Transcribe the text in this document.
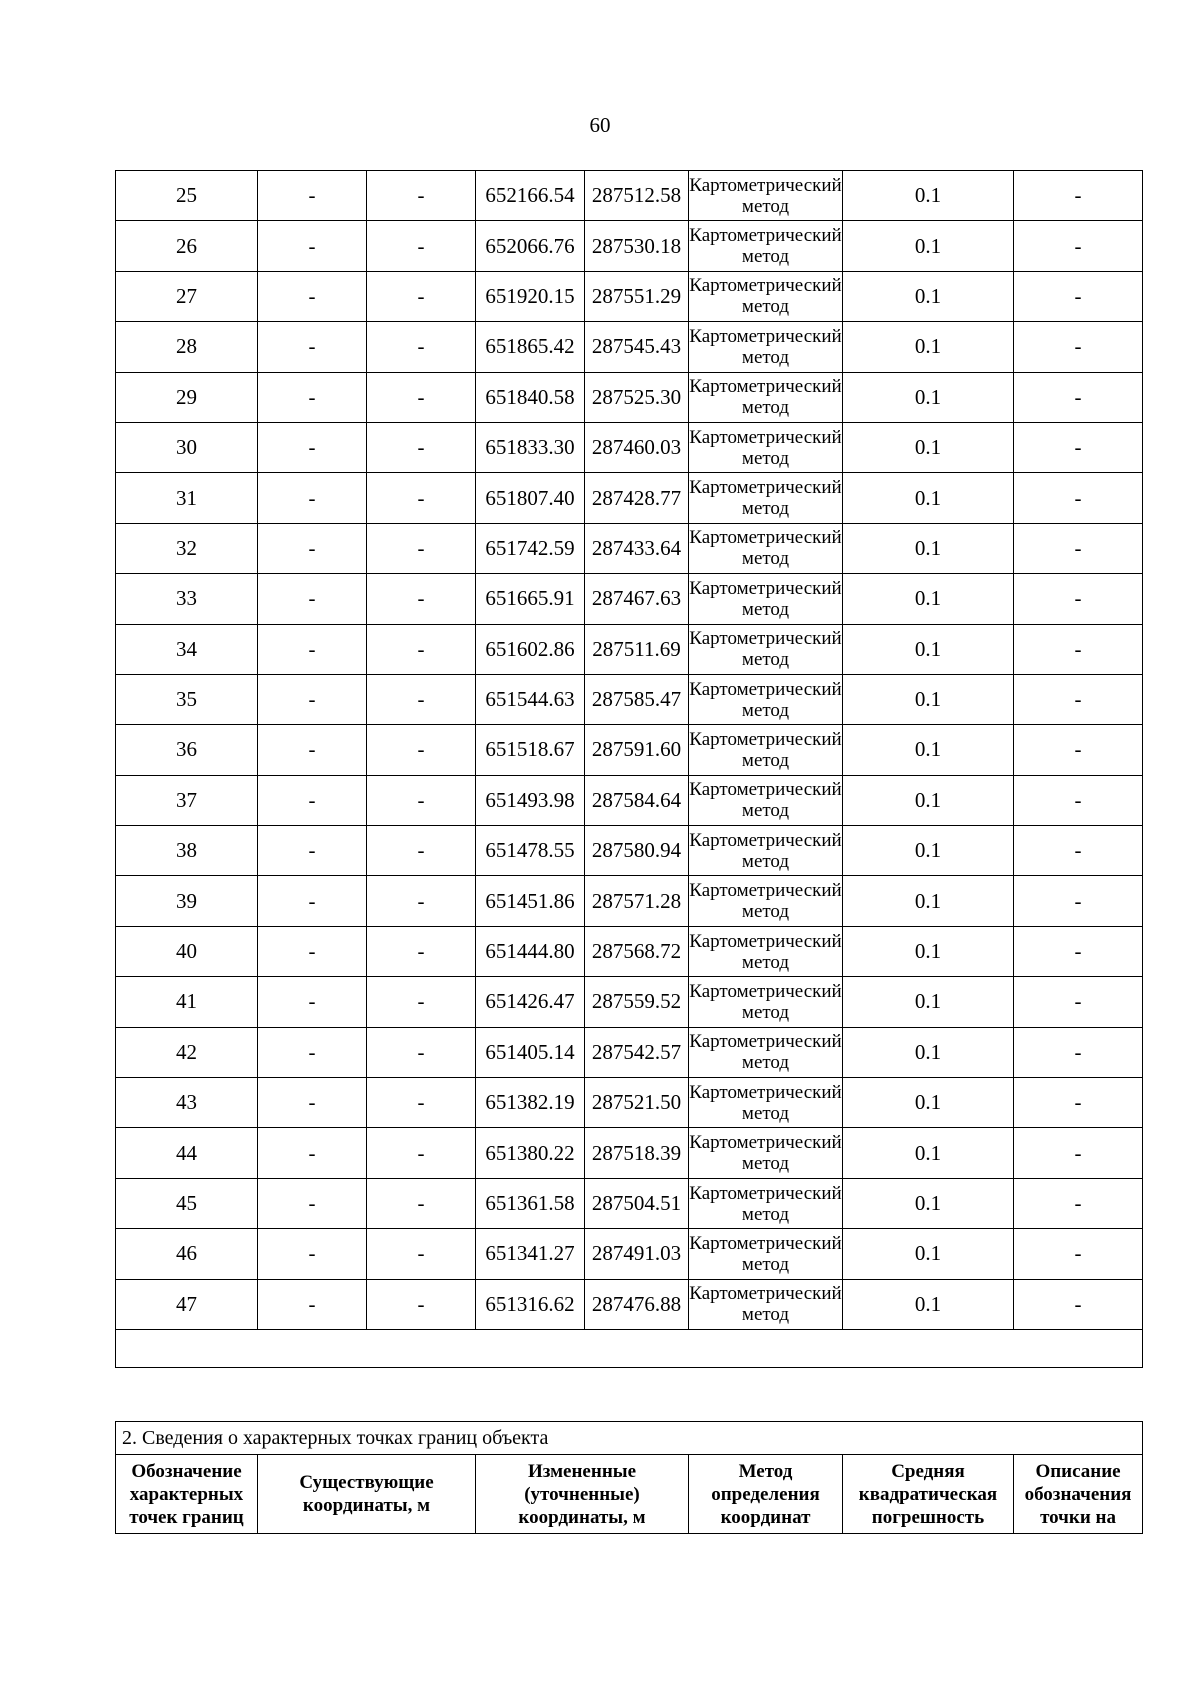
60
25	-	-	652166.54	287512.58	Картометрический метод	0.1	-
26	-	-	652066.76	287530.18	Картометрический метод	0.1	-
27	-	-	651920.15	287551.29	Картометрический метод	0.1	-
28	-	-	651865.42	287545.43	Картометрический метод	0.1	-
29	-	-	651840.58	287525.30	Картометрический метод	0.1	-
30	-	-	651833.30	287460.03	Картометрический метод	0.1	-
31	-	-	651807.40	287428.77	Картометрический метод	0.1	-
32	-	-	651742.59	287433.64	Картометрический метод	0.1	-
33	-	-	651665.91	287467.63	Картометрический метод	0.1	-
34	-	-	651602.86	287511.69	Картометрический метод	0.1	-
35	-	-	651544.63	287585.47	Картометрический метод	0.1	-
36	-	-	651518.67	287591.60	Картометрический метод	0.1	-
37	-	-	651493.98	287584.64	Картометрический метод	0.1	-
38	-	-	651478.55	287580.94	Картометрический метод	0.1	-
39	-	-	651451.86	287571.28	Картометрический метод	0.1	-
40	-	-	651444.80	287568.72	Картометрический метод	0.1	-
41	-	-	651426.47	287559.52	Картометрический метод	0.1	-
42	-	-	651405.14	287542.57	Картометрический метод	0.1	-
43	-	-	651382.19	287521.50	Картометрический метод	0.1	-
44	-	-	651380.22	287518.39	Картометрический метод	0.1	-
45	-	-	651361.58	287504.51	Картометрический метод	0.1	-
46	-	-	651341.27	287491.03	Картометрический метод	0.1	-
47	-	-	651316.62	287476.88	Картометрический метод	0.1	-

2. Сведения о характерных точках границ объекта
Обозначение характерных точек границ	Существующие координаты, м	Измененные (уточненные) координаты, м	Метод определения координат	Средняя квадратическая погрешность	Описание обозначения точки на
